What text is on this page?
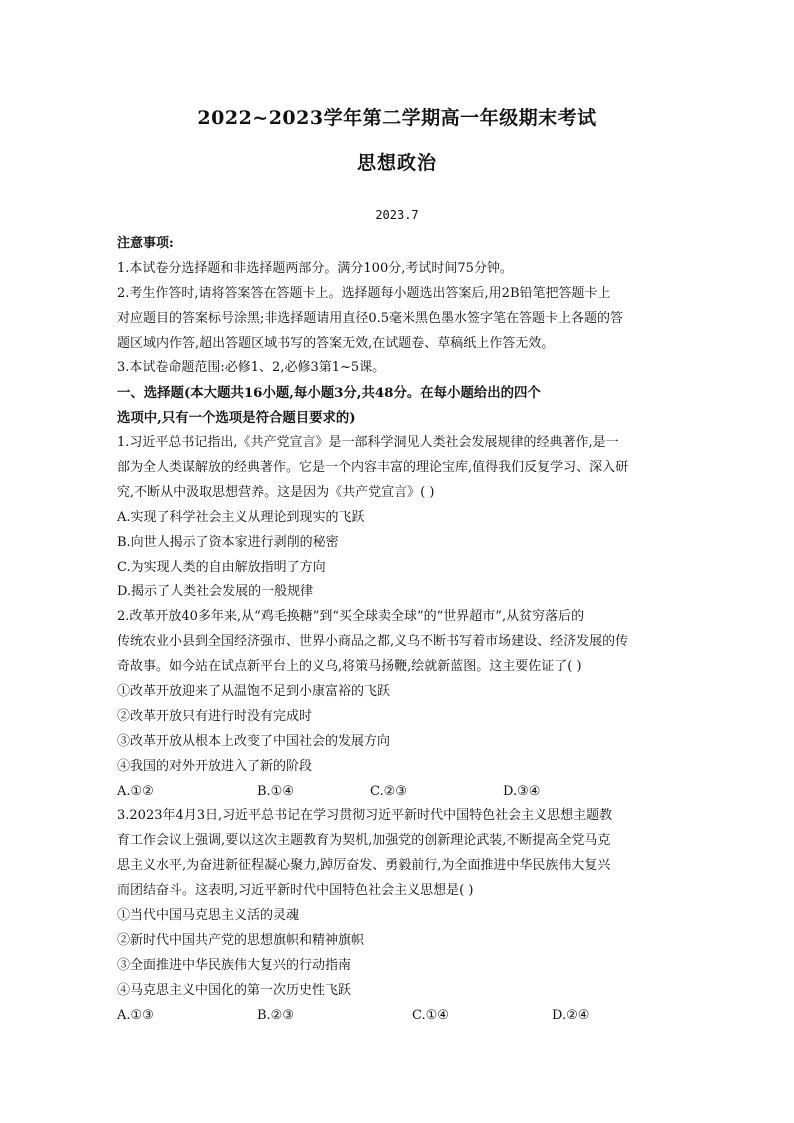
2022~2023学年第二学期高一年级期末考试
思想政治
2023.7
注意事项:
1.本试卷分选择题和非选择题两部分。满分100分,考试时间75分钟。
2.考生作答时,请将答案答在答题卡上。选择题每小题选出答案后,用2B铅笔把答题卡上
对应题目的答案标号涂黑;非选择题请用直径0.5毫米黑色墨水签字笔在答题卡上各题的答
题区域内作答,超出答题区域书写的答案无效,在试题卷、草稿纸上作答无效。
3.本试卷命题范围:必修1、2,必修3第1~5课。
一、选择题(本大题共16小题,每小题3分,共48分。在每小题给出的四个
选项中,只有一个选项是符合题目要求的)
1.习近平总书记指出,《共产党宣言》是一部科学洞见人类社会发展规律的经典著作,是一
部为全人类谋解放的经典著作。它是一个内容丰富的理论宝库,值得我们反复学习、深入研
究,不断从中汲取思想营养。这是因为《共产党宣言》( )
A.实现了科学社会主义从理论到现实的飞跃
B.向世人揭示了资本家进行剥削的秘密
C.为实现人类的自由解放指明了方向
D.揭示了人类社会发展的一般规律
2.改革开放40多年来,从“鸡毛换糖”到“买全球卖全球”的“世界超市”,从贫穷落后的
传统农业小县到全国经济强市、世界小商品之都,义乌不断书写着市场建设、经济发展的传
奇故事。如今站在试点新平台上的义乌,将策马扬鞭,绘就新蓝图。这主要佐证了( )
①改革开放迎来了从温饱不足到小康富裕的飞跃
②改革开放只有进行时没有完成时
③改革开放从根本上改变了中国社会的发展方向
④我国的对外开放进入了新的阶段
A.①②	B.①④	C.②③	D.③④
3.2023年4月3日,习近平总书记在学习贯彻习近平新时代中国特色社会主义思想主题教
育工作会议上强调,要以这次主题教育为契机,加强党的创新理论武装,不断提高全党马克
思主义水平,为奋进新征程凝心聚力,踔厉奋发、勇毅前行,为全面推进中华民族伟大复兴
而团结奋斗。这表明,习近平新时代中国特色社会主义思想是( )
①当代中国马克思主义活的灵魂
②新时代中国共产党的思想旗帜和精神旗帜
③全面推进中华民族伟大复兴的行动指南
④马克思主义中国化的第一次历史性飞跃
A.①③	B.②③	C.①④	D.②④
